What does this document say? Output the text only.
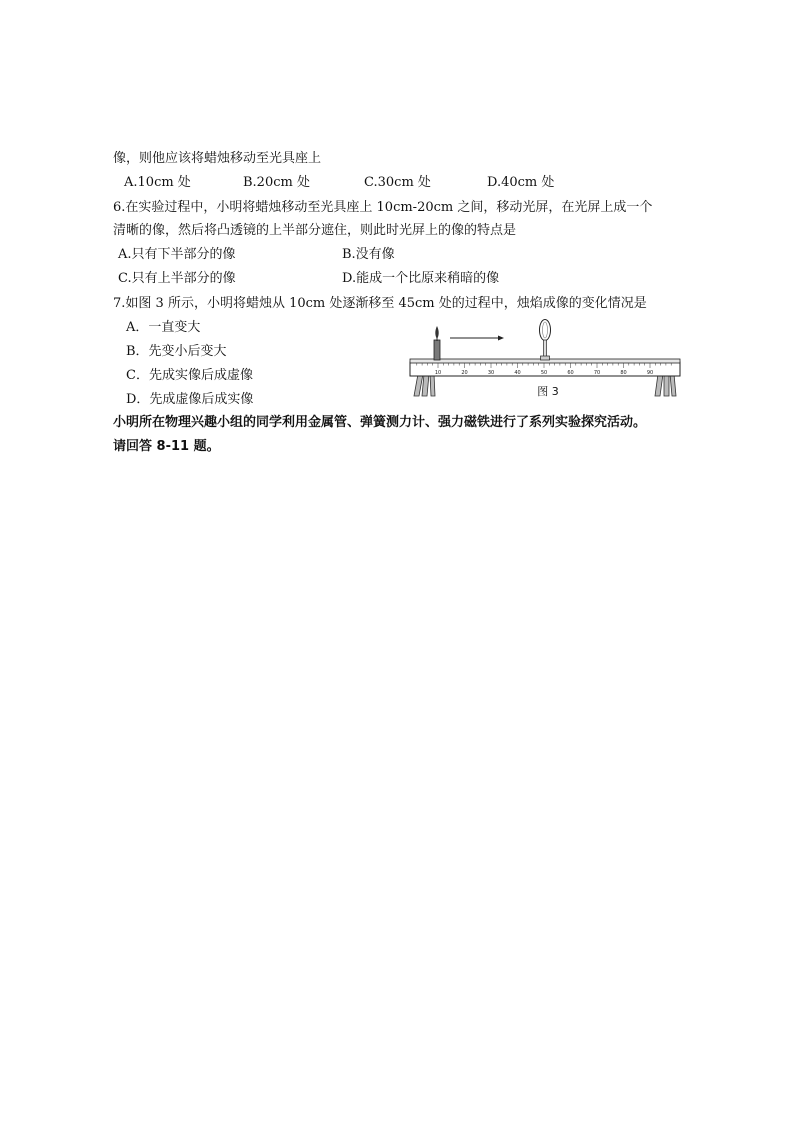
像，则他应该将蜡烛移动至光具座上
A.10cm 处	B.20cm 处	C.30cm 处	D.40cm 处
6.在实验过程中，小明将蜡烛移动至光具座上 10cm-20cm 之间，移动光屏，在光屏上成一个
清晰的像，然后将凸透镜的上半部分遮住，则此时光屏上的像的特点是
A.只有下半部分的像	B.没有像
C.只有上半部分的像	D.能成一个比原来稍暗的像
7.如图 3 所示，小明将蜡烛从 10cm 处逐渐移至 45cm 处的过程中，烛焰成像的变化情况是
A．一直变大
B．先变小后变大
C．先成实像后成虚像
D．先成虚像后成实像
10	20	30	40	50	60	70	80	90
图 3
小明所在物理兴趣小组的同学利用金属管、弹簧测力计、强力磁铁进行了系列实验探究活动。
请回答 8-11 题。
